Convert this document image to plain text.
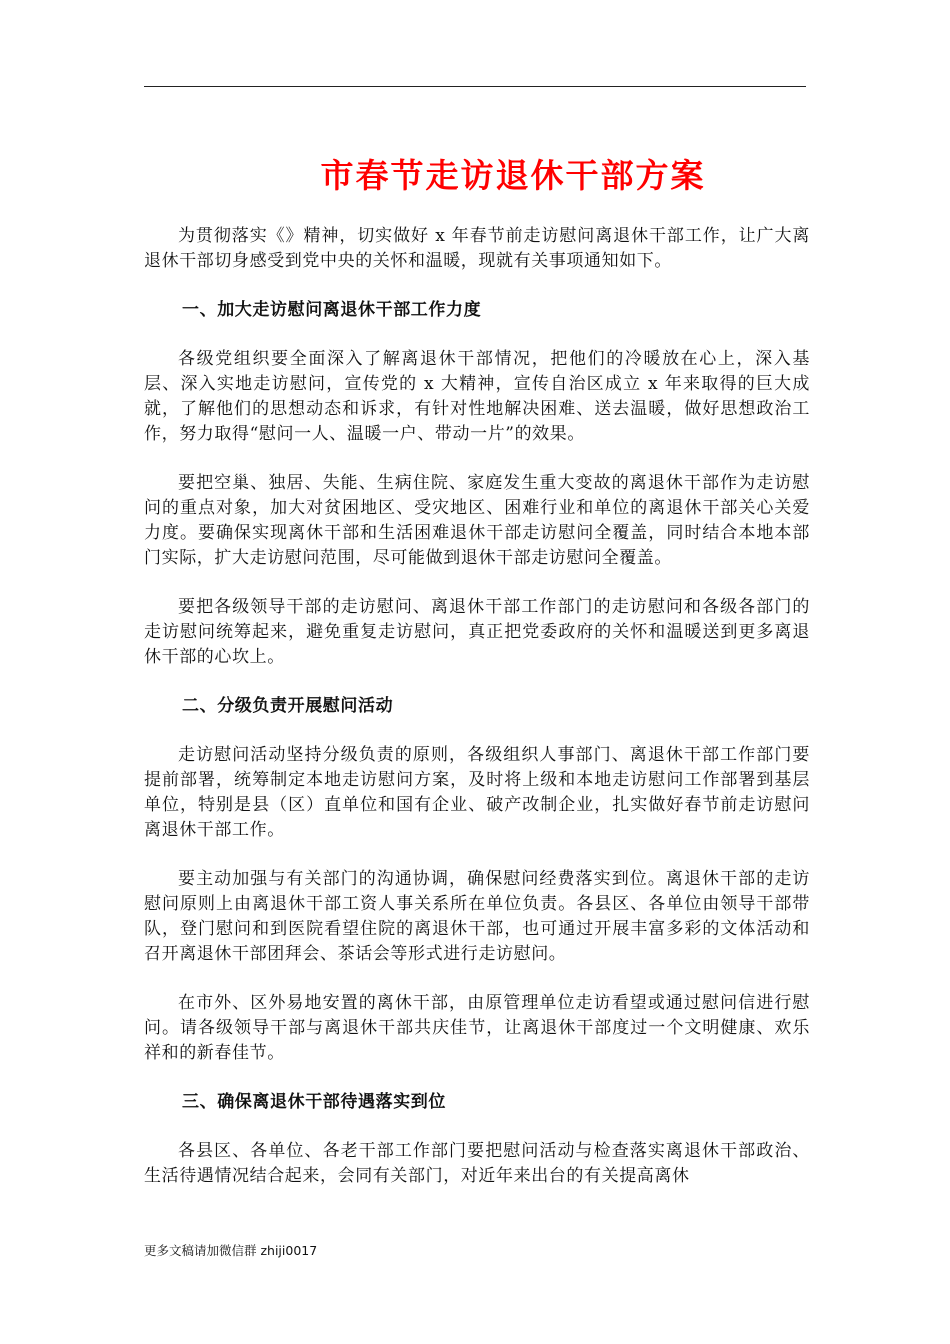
市春节走访退休干部方案

为贯彻落实《》精神，切实做好 x 年春节前走访慰问离退休干部工作，让广大离退休干部切身感受到党中央的关怀和温暖，现就有关事项通知如下。

一、加大走访慰问离退休干部工作力度

各级党组织要全面深入了解离退休干部情况，把他们的冷暖放在心上，深入基层、深入实地走访慰问，宣传党的 x 大精神，宣传自治区成立 x 年来取得的巨大成就，了解他们的思想动态和诉求，有针对性地解决困难、送去温暖，做好思想政治工作，努力取得“慰问一人、温暖一户、带动一片”的效果。

要把空巢、独居、失能、生病住院、家庭发生重大变故的离退休干部作为走访慰问的重点对象，加大对贫困地区、受灾地区、困难行业和单位的离退休干部关心关爱力度。要确保实现离休干部和生活困难退休干部走访慰问全覆盖，同时结合本地本部门实际，扩大走访慰问范围，尽可能做到退休干部走访慰问全覆盖。

要把各级领导干部的走访慰问、离退休干部工作部门的走访慰问和各级各部门的走访慰问统筹起来，避免重复走访慰问，真正把党委政府的关怀和温暖送到更多离退休干部的心坎上。

二、分级负责开展慰问活动

走访慰问活动坚持分级负责的原则，各级组织人事部门、离退休干部工作部门要提前部署，统筹制定本地走访慰问方案，及时将上级和本地走访慰问工作部署到基层单位，特别是县（区）直单位和国有企业、破产改制企业，扎实做好春节前走访慰问离退休干部工作。

要主动加强与有关部门的沟通协调，确保慰问经费落实到位。离退休干部的走访慰问原则上由离退休干部工资人事关系所在单位负责。各县区、各单位由领导干部带队，登门慰问和到医院看望住院的离退休干部，也可通过开展丰富多彩的文体活动和召开离退休干部团拜会、茶话会等形式进行走访慰问。

在市外、区外易地安置的离休干部，由原管理单位走访看望或通过慰问信进行慰问。请各级领导干部与离退休干部共庆佳节，让离退休干部度过一个文明健康、欢乐祥和的新春佳节。

三、确保离退休干部待遇落实到位

各县区、各单位、各老干部工作部门要把慰问活动与检查落实离退休干部政治、生活待遇情况结合起来，会同有关部门，对近年来出台的有关提高离休

更多文稿请加微信群 zhiji0017
